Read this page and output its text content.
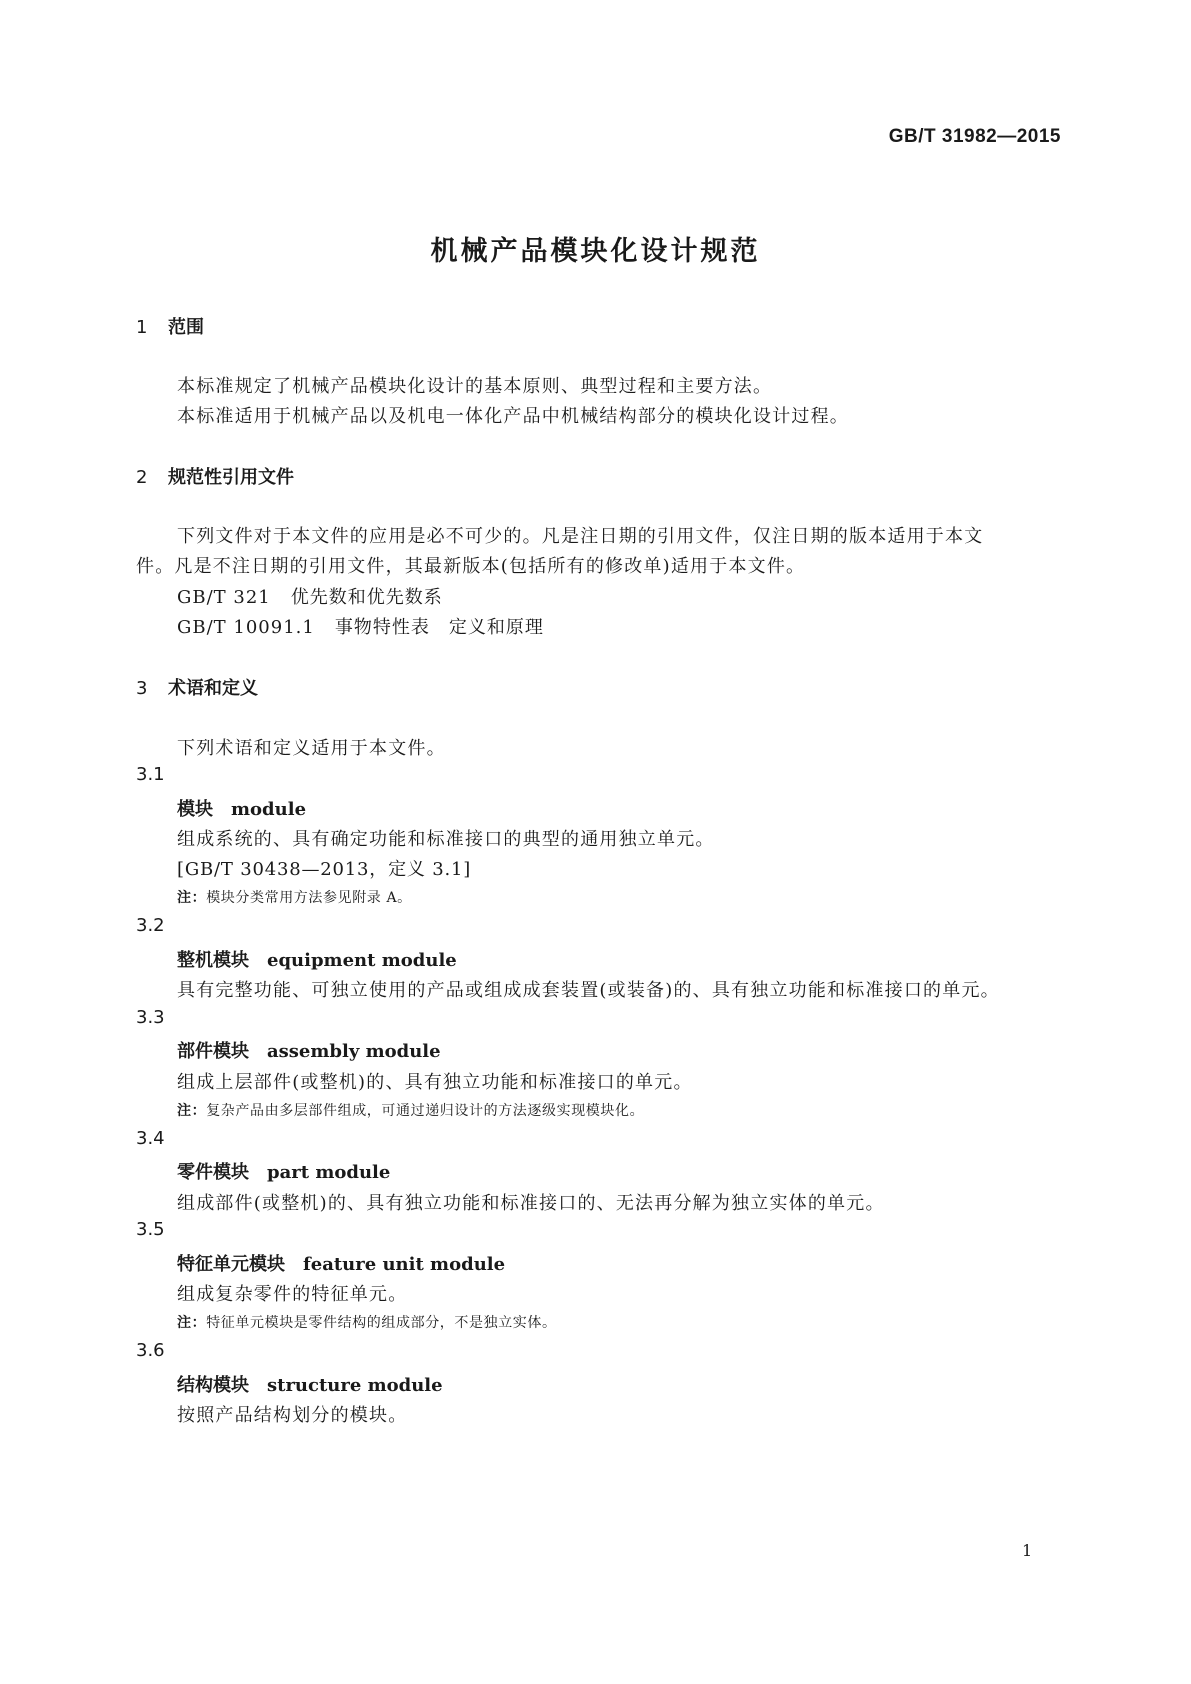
GB/T 31982—2015
机械产品模块化设计规范
1 范围
本标准规定了机械产品模块化设计的基本原则、典型过程和主要方法。
本标准适用于机械产品以及机电一体化产品中机械结构部分的模块化设计过程。
2 规范性引用文件
下列文件对于本文件的应用是必不可少的。凡是注日期的引用文件，仅注日期的版本适用于本文
件。凡是不注日期的引用文件，其最新版本(包括所有的修改单)适用于本文件。
GB/T 321 优先数和优先数系
GB/T 10091.1 事物特性表　定义和原理
3 术语和定义
下列术语和定义适用于本文件。
3.1
模块 module
组成系统的、具有确定功能和标准接口的典型的通用独立单元。
[GB/T 30438—2013，定义 3.1]
注：模块分类常用方法参见附录 A。
3.2
整机模块 equipment module
具有完整功能、可独立使用的产品或组成成套装置(或装备)的、具有独立功能和标准接口的单元。
3.3
部件模块 assembly module
组成上层部件(或整机)的、具有独立功能和标准接口的单元。
注：复杂产品由多层部件组成，可通过递归设计的方法逐级实现模块化。
3.4
零件模块 part module
组成部件(或整机)的、具有独立功能和标准接口的、无法再分解为独立实体的单元。
3.5
特征单元模块 feature unit module
组成复杂零件的特征单元。
注：特征单元模块是零件结构的组成部分，不是独立实体。
3.6
结构模块 structure module
按照产品结构划分的模块。
1
